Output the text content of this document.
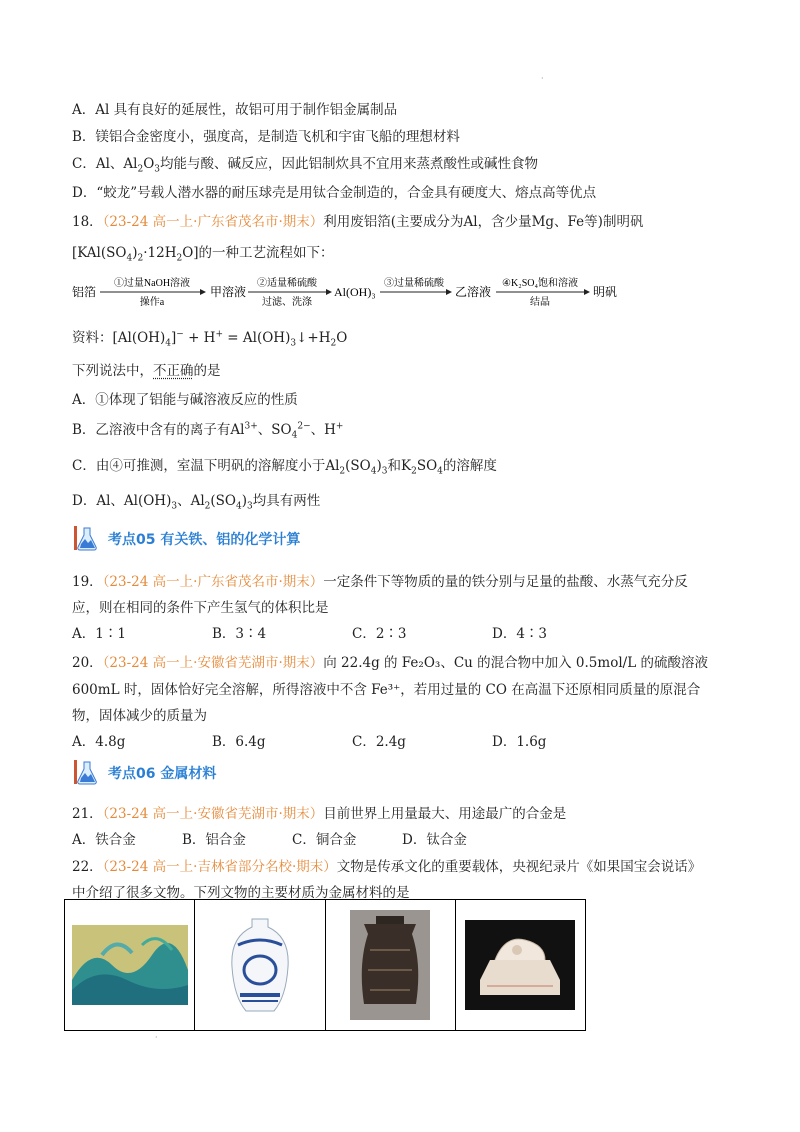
·
A．Al 具有良好的延展性，故铝可用于制作铝金属制品
B．镁铝合金密度小，强度高，是制造飞机和宇宙飞船的理想材料
C．Al、$Al_2O_3$均能与酸、碱反应，因此铝制炊具不宜用来蒸煮酸性或碱性食物
D．“蛟龙”号载人潜水器的耐压球壳是用钛合金制造的，合金具有硬度大、熔点高等优点
18．（23-24 高一上·广东省茂名市·期末）利用废铝箔(主要成分为Al，含少量Mg、Fe等)制明矾
$[KAl(SO_4)_2\cdot 12H_2O]$的一种工艺流程如下：
铝箔
①过量NaOH溶液
操作a
甲溶液
②适量稀硫酸
过滤、洗涤
Al(OH)₃
③过量稀硫酸
乙溶液
④K₂SO₄饱和溶液
结晶
明矾
资料：$[Al(OH)_4]^- + H^+$ = $Al(OH)_3↓+H_2O$
下列说法中，不正确的是
A．①体现了铝能与碱溶液反应的性质
B．乙溶液中含有的离子有$Al^{3+}$、$SO_4^{2-}$、H+
C．由④可推测，室温下明矾的溶解度小于$Al_2(SO_4)_3$和$K_2SO_4$的溶解度
D．Al、$Al(OH)_3$、$Al_2(SO_4)_3$均具有两性
考点05 有关铁、铝的化学计算
19．（23-24 高一上·广东省茂名市·期末）一定条件下等物质的量的铁分别与足量的盐酸、水蒸气充分反
应，则在相同的条件下产生氢气的体积比是
A．1∶1	B．3∶4	C．2∶3	D．4∶3
20．（23-24 高一上·安徽省芜湖市·期末）向 22.4g 的 Fe₂O₃、Cu 的混合物中加入 0.5mol/L 的硫酸溶液
600mL 时，固体恰好完全溶解，所得溶液中不含 Fe³⁺，若用过量的 CO 在高温下还原相同质量的原混合
物，固体减少的质量为
A．4.8g	B．6.4g	C．2.4g	D．1.6g
考点06 金属材料
21．（23-24 高一上·安徽省芜湖市·期末）目前世界上用量最大、用途最广的合金是
A．铁合金	B．铝合金	C．铜合金	D．钛合金
22．（23-24 高一上·吉林省部分名校·期末）文物是传承文化的重要载体，央视纪录片《如果国宝会说话》
中介绍了很多文物。下列文物的主要材质为金属材料的是
·
